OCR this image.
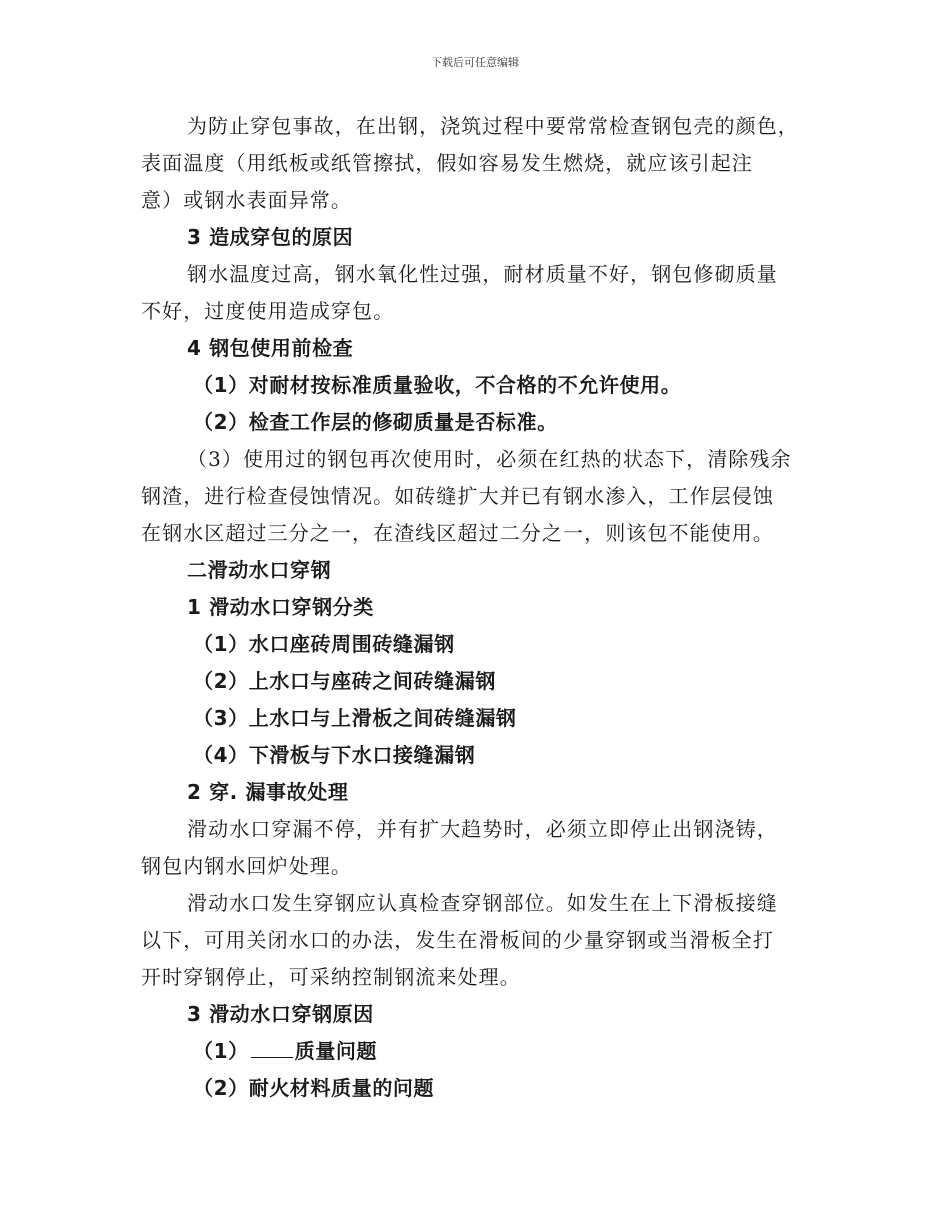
下载后可任意编辑
为防止穿包事故，在出钢，浇筑过程中要常常检查钢包壳的颜色，
表面温度（用纸板或纸管擦拭，假如容易发生燃烧，就应该引起注
意）或钢水表面异常。
3 造成穿包的原因
钢水温度过高，钢水氧化性过强，耐材质量不好，钢包修砌质量
不好，过度使用造成穿包。
4 钢包使用前检查
（1）对耐材按标准质量验收，不合格的不允许使用。
（2）检查工作层的修砌质量是否标准。
（3）使用过的钢包再次使用时，必须在红热的状态下，清除残余
钢渣，进行检查侵蚀情况。如砖缝扩大并已有钢水渗入，工作层侵蚀
在钢水区超过三分之一，在渣线区超过二分之一，则该包不能使用。
二滑动水口穿钢
1 滑动水口穿钢分类
（1）水口座砖周围砖缝漏钢
（2）上水口与座砖之间砖缝漏钢
（3）上水口与上滑板之间砖缝漏钢
（4）下滑板与下水口接缝漏钢
2 穿. 漏事故处理
滑动水口穿漏不停，并有扩大趋势时，必须立即停止出钢浇铸，
钢包内钢水回炉处理。
滑动水口发生穿钢应认真检查穿钢部位。如发生在上下滑板接缝
以下，可用关闭水口的办法，发生在滑板间的少量穿钢或当滑板全打
开时穿钢停止，可采纳控制钢流来处理。
3 滑动水口穿钢原因
（1） 质量问题
（2）耐火材料质量的问题
